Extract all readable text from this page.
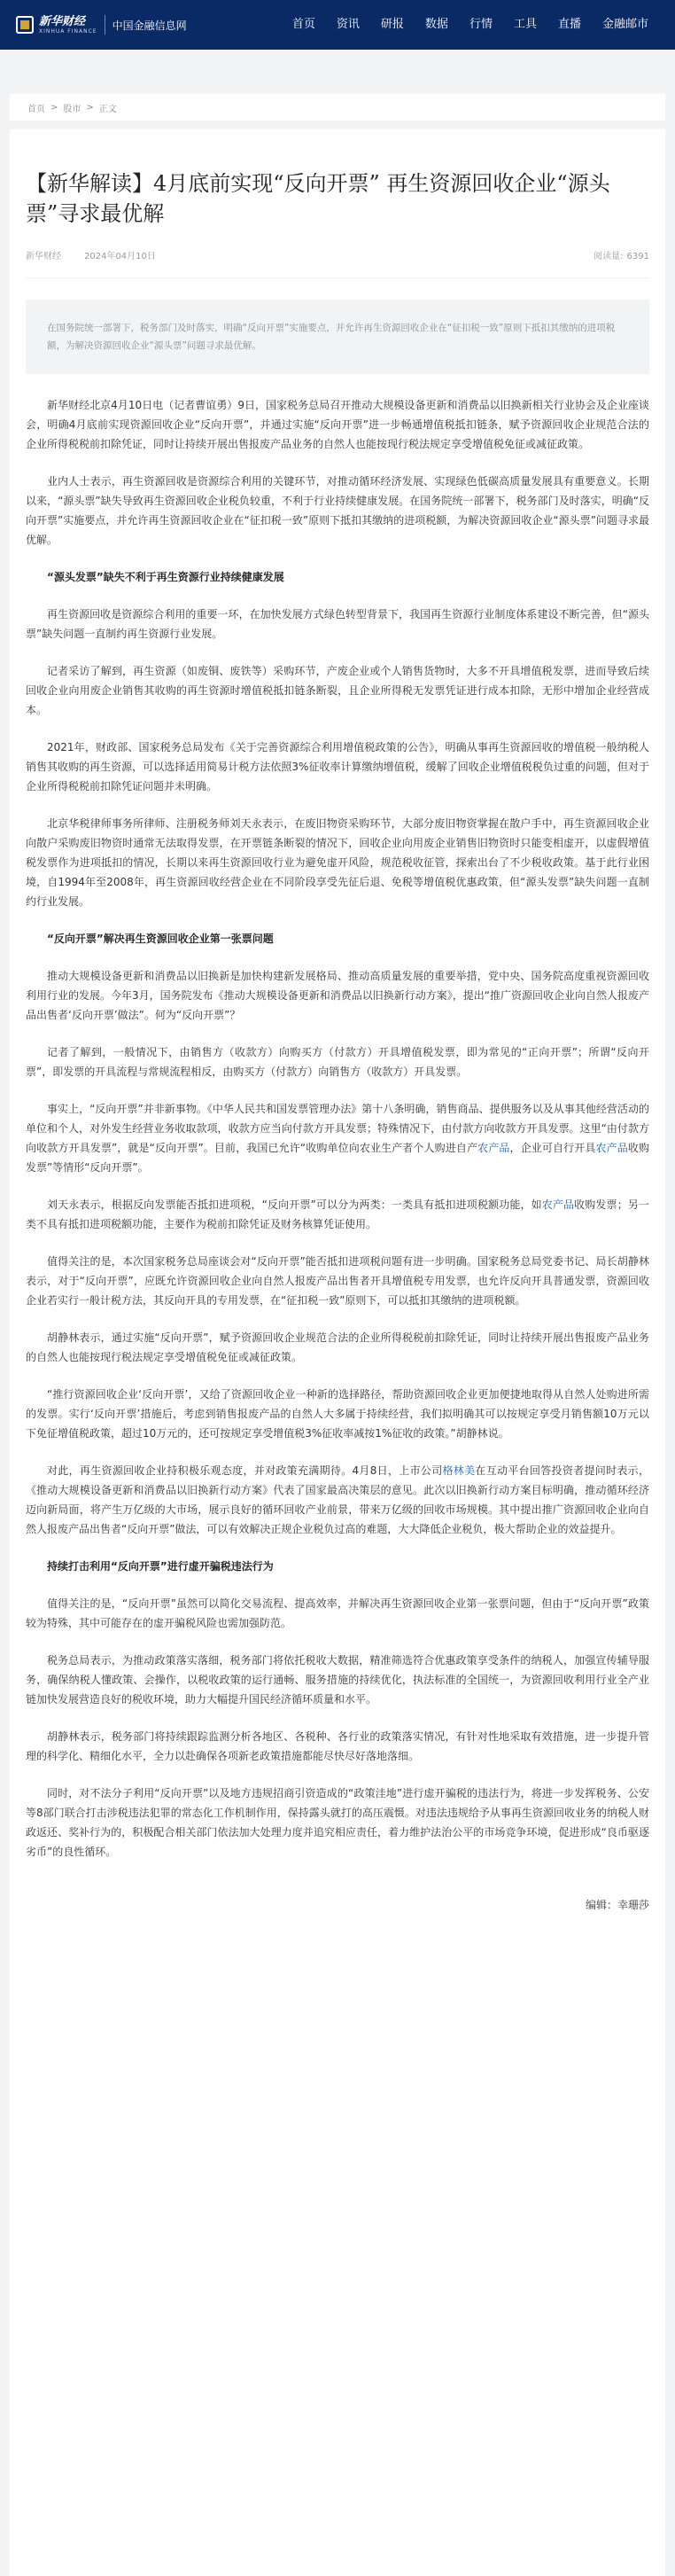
新华财经
XINHUA FINANCE 中国金融信息网	首页	资讯	研报	数据	行情	工具	直播	金融邮市
首页 > 股市 > 正文
【新华解读】4月底前实现“反向开票” 再生资源回收企业“源头票”寻求最优解
新华财经	2024年04月10日	阅读量: 6391
在国务院统一部署下，税务部门及时落实，明确“反向开票”实施要点，并允许再生资源回收企业在“征扣税一致”原则下抵扣其缴纳的进项税额，为解决资源回收企业“源头票”问题寻求最优解。

新华财经北京4月10日电（记者曹谊勇）9日，国家税务总局召开推动大规模设备更新和消费品以旧换新相关行业协会及企业座谈会，明确4月底前实现资源回收企业“反向开票”，并通过实施“反向开票”进一步畅通增值税抵扣链条，赋予资源回收企业规范合法的企业所得税税前扣除凭证，同时让持续开展出售报废产品业务的自然人也能按现行税法规定享受增值税免征或减征政策。

业内人士表示，再生资源回收是资源综合利用的关键环节，对推动循环经济发展、实现绿色低碳高质量发展具有重要意义。长期以来，“源头票”缺失导致再生资源回收企业税负较重，不利于行业持续健康发展。在国务院统一部署下，税务部门及时落实，明确“反向开票”实施要点，并允许再生资源回收企业在“征扣税一致”原则下抵扣其缴纳的进项税额，为解决资源回收企业“源头票”问题寻求最优解。

“源头发票”缺失不利于再生资源行业持续健康发展

再生资源回收是资源综合利用的重要一环，在加快发展方式绿色转型背景下，我国再生资源行业制度体系建设不断完善，但“源头票”缺失问题一直制约再生资源行业发展。

记者采访了解到，再生资源（如废铜、废铁等）采购环节，产废企业或个人销售货物时，大多不开具增值税发票，进而导致后续回收企业向用废企业销售其收购的再生资源时增值税抵扣链条断裂，且企业所得税无发票凭证进行成本扣除，无形中增加企业经营成本。

2021年，财政部、国家税务总局发布《关于完善资源综合利用增值税政策的公告》，明确从事再生资源回收的增值税一般纳税人销售其收购的再生资源，可以选择适用简易计税方法依照3%征收率计算缴纳增值税，缓解了回收企业增值税税负过重的问题，但对于企业所得税税前扣除凭证问题并未明确。

北京华税律师事务所律师、注册税务师刘天永表示，在废旧物资采购环节，大部分废旧物资掌握在散户手中，再生资源回收企业向散户采购废旧物资时通常无法取得发票，在开票链条断裂的情况下，回收企业向用废企业销售旧物资时只能变相虚开，以虚假增值税发票作为进项抵扣的情况，长期以来再生资源回收行业为避免虚开风险，规范税收征管，探索出台了不少税收政策。基于此行业困境，自1994年至2008年，再生资源回收经营企业在不同阶段享受先征后退、免税等增值税优惠政策，但“源头发票”缺失问题一直制约行业发展。

“反向开票”解决再生资源回收企业第一张票问题

推动大规模设备更新和消费品以旧换新是加快构建新发展格局、推动高质量发展的重要举措，党中央、国务院高度重视资源回收利用行业的发展。今年3月，国务院发布《推动大规模设备更新和消费品以旧换新行动方案》，提出“推广资源回收企业向自然人报废产品出售者‘反向开票’做法”。何为“反向开票”？

记者了解到，一般情况下，由销售方（收款方）向购买方（付款方）开具增值税发票，即为常见的“正向开票”；所谓“反向开票”，即发票的开具流程与常规流程相反，由购买方（付款方）向销售方（收款方）开具发票。

事实上，“反向开票”并非新事物。《中华人民共和国发票管理办法》第十八条明确，销售商品、提供服务以及从事其他经营活动的单位和个人，对外发生经营业务收取款项，收款方应当向付款方开具发票；特殊情况下，由付款方向收款方开具发票。这里“由付款方向收款方开具发票”，就是“反向开票”。目前，我国已允许“收购单位向农业生产者个人购进自产农产品，企业可自行开具农产品收购发票”等情形“反向开票”。

刘天永表示，根据反向发票能否抵扣进项税，“反向开票”可以分为两类：一类具有抵扣进项税额功能，如农产品收购发票；另一类不具有抵扣进项税额功能，主要作为税前扣除凭证及财务核算凭证使用。

值得关注的是，本次国家税务总局座谈会对“反向开票”能否抵扣进项税问题有进一步明确。国家税务总局党委书记、局长胡静林表示，对于“反向开票”，应既允许资源回收企业向自然人报废产品出售者开具增值税专用发票，也允许反向开具普通发票，资源回收企业若实行一般计税方法，其反向开具的专用发票，在“征扣税一致”原则下，可以抵扣其缴纳的进项税额。

胡静林表示，通过实施“反向开票”，赋予资源回收企业规范合法的企业所得税税前扣除凭证，同时让持续开展出售报废产品业务的自然人也能按现行税法规定享受增值税免征或减征政策。

“推行资源回收企业‘反向开票’，又给了资源回收企业一种新的选择路径，帮助资源回收企业更加便捷地取得从自然人处购进所需的发票。实行‘反向开票’措施后，考虑到销售报废产品的自然人大多属于持续经营，我们拟明确其可以按规定享受月销售额10万元以下免征增值税政策，超过10万元的，还可按规定享受增值税3%征收率减按1%征收的政策。”胡静林说。

对此，再生资源回收企业持积极乐观态度，并对政策充满期待。4月8日，上市公司格林美在互动平台回答投资者提问时表示，《推动大规模设备更新和消费品以旧换新行动方案》代表了国家最高决策层的意见。此次以旧换新行动方案目标明确，推动循环经济迈向新局面，将产生万亿级的大市场，展示良好的循环回收产业前景，带来万亿级的回收市场规模。其中提出推广资源回收企业向自然人报废产品出售者“反向开票”做法，可以有效解决正规企业税负过高的难题，大大降低企业税负，极大帮助企业的效益提升。

持续打击利用“反向开票”进行虚开骗税违法行为

值得关注的是，“反向开票”虽然可以简化交易流程、提高效率，并解决再生资源回收企业第一张票问题，但由于“反向开票”政策较为特殊，其中可能存在的虚开骗税风险也需加强防范。

税务总局表示，为推动政策落实落细，税务部门将依托税收大数据，精准筛选符合优惠政策享受条件的纳税人，加强宣传辅导服务，确保纳税人懂政策、会操作，以税收政策的运行通畅、服务措施的持续优化，执法标准的全国统一，为资源回收利用行业全产业链加快发展营造良好的税收环境，助力大幅提升国民经济循环质量和水平。

胡静林表示，税务部门将持续跟踪监测分析各地区、各税种、各行业的政策落实情况，有针对性地采取有效措施，进一步提升管理的科学化、精细化水平，全力以赴确保各项新老政策措施都能尽快尽好落地落细。

同时，对不法分子利用“反向开票”以及地方违规招商引资造成的“政策洼地”进行虚开骗税的违法行为，将进一步发挥税务、公安等8部门联合打击涉税违法犯罪的常态化工作机制作用，保持露头就打的高压震慑。对违法违规给予从事再生资源回收业务的纳税人财政返还、奖补行为的，积极配合相关部门依法加大处理力度并追究相应责任，着力维护法治公平的市场竞争环境，促进形成“良币驱逐劣币”的良性循环。

编辑：幸珊莎
